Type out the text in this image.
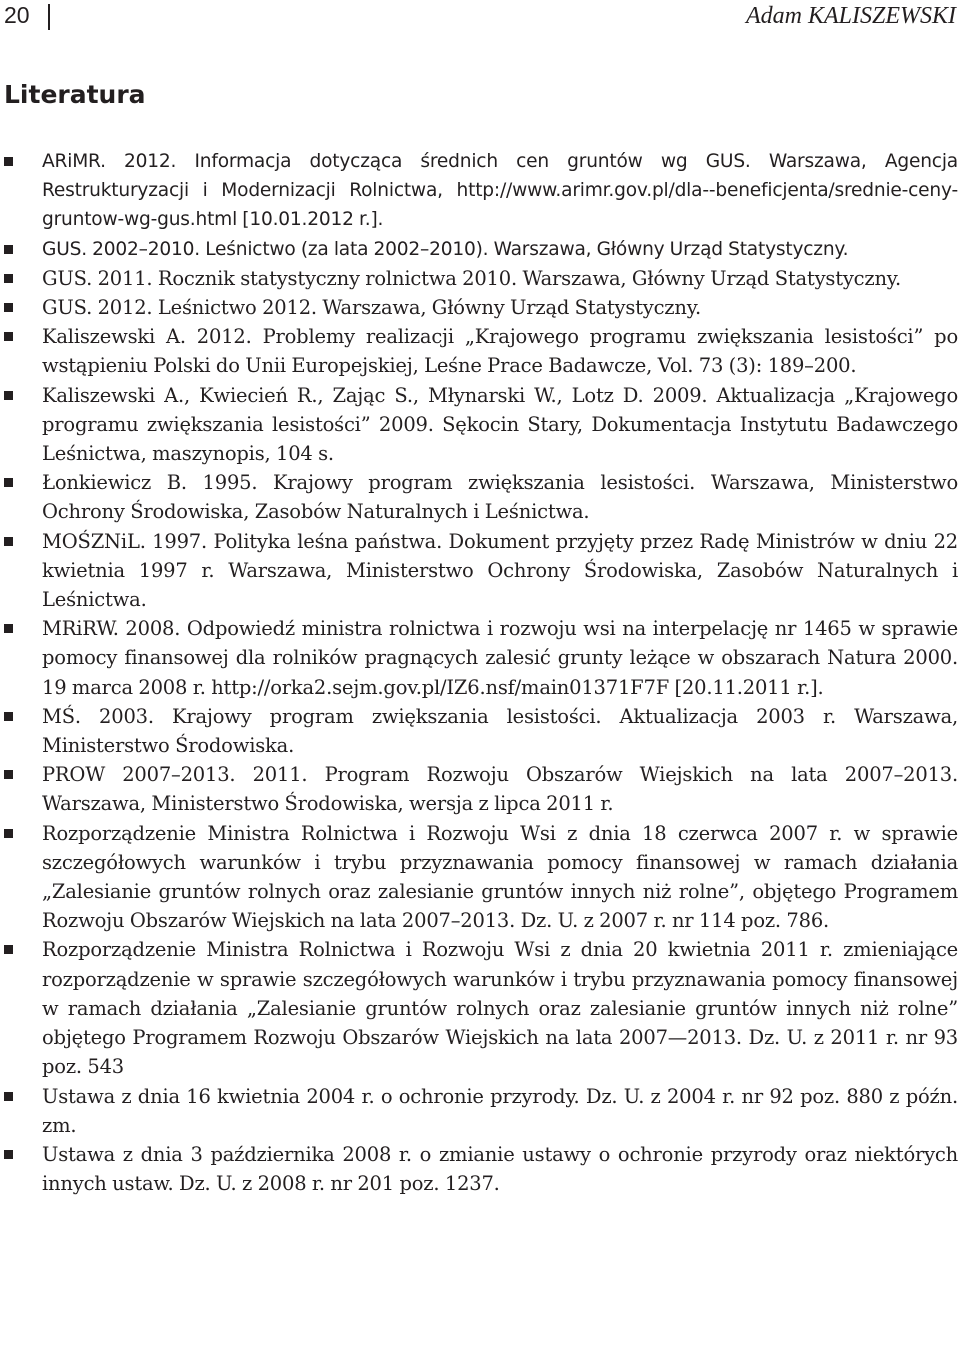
20	Adam KALISZEWSKI
Literatura
ARiMR. 2012. Informacja dotycząca średnich cen gruntów wg GUS. Warszawa, Agencja Restrukturyzacji i Modernizacji Rolnictwa, http://www.arimr.gov.pl/dla--beneficjenta/srednie-ceny-gruntow-wg-gus.html [10.01.2012 r.].
GUS. 2002–2010. Leśnictwo (za lata 2002–2010). Warszawa, Główny Urząd Statystyczny.
GUS. 2011. Rocznik statystyczny rolnictwa 2010. Warszawa, Główny Urząd Statystyczny.
GUS. 2012. Leśnictwo 2012. Warszawa, Główny Urząd Statystyczny.
Kaliszewski A. 2012. Problemy realizacji „Krajowego programu zwiększania lesistości” po wstąpieniu Polski do Unii Europejskiej, Leśne Prace Badawcze, Vol. 73 (3): 189–200.
Kaliszewski A., Kwiecień R., Zając S., Młynarski W., Lotz D. 2009. Aktualizacja „Krajowego programu zwiększania lesistości” 2009. Sękocin Stary, Dokumentacja Instytutu Badawczego Leśnictwa, maszynopis, 104 s.
Łonkiewicz B. 1995. Krajowy program zwiększania lesistości. Warszawa, Ministerstwo Ochrony Środowiska, Zasobów Naturalnych i Leśnictwa.
MOŚZNiL. 1997. Polityka leśna państwa. Dokument przyjęty przez Radę Ministrów w dniu 22 kwietnia 1997 r. Warszawa, Ministerstwo Ochrony Środowiska, Zasobów Naturalnych i Leśnictwa.
MRiRW. 2008. Odpowiedź ministra rolnictwa i rozwoju wsi na interpelację nr 1465 w sprawie pomocy finansowej dla rolników pragnących zalesić grunty leżące w obszarach Natura 2000. 19 marca 2008 r. http://orka2.sejm.gov.pl/IZ6.nsf/main01371F7F [20.11.2011 r.].
MŚ. 2003. Krajowy program zwiększania lesistości. Aktualizacja 2003 r. Warszawa, Ministerstwo Środowiska.
PROW 2007–2013. 2011. Program Rozwoju Obszarów Wiejskich na lata 2007–2013. Warszawa, Ministerstwo Środowiska, wersja z lipca 2011 r.
Rozporządzenie Ministra Rolnictwa i Rozwoju Wsi z dnia 18 czerwca 2007 r. w sprawie szczegółowych warunków i trybu przyznawania pomocy finansowej w ramach działania „Zalesianie gruntów rolnych oraz zalesianie gruntów innych niż rolne”, objętego Programem Rozwoju Obszarów Wiejskich na lata 2007–2013. Dz. U. z 2007 r. nr 114 poz. 786.
Rozporządzenie Ministra Rolnictwa i Rozwoju Wsi z dnia 20 kwietnia 2011 r. zmieniające rozporządzenie w sprawie szczegółowych warunków i trybu przyznawania pomocy finansowej w ramach działania „Zalesianie gruntów rolnych oraz zalesianie gruntów innych niż rolne” objętego Programem Rozwoju Obszarów Wiejskich na lata 2007—2013. Dz. U. z 2011 r. nr 93 poz. 543
Ustawa z dnia 16 kwietnia 2004 r. o ochronie przyrody. Dz. U. z 2004 r. nr 92 poz. 880 z późn. zm.
Ustawa z dnia 3 października 2008 r. o zmianie ustawy o ochronie przyrody oraz niektórych innych ustaw. Dz. U. z 2008 r. nr 201 poz. 1237.
